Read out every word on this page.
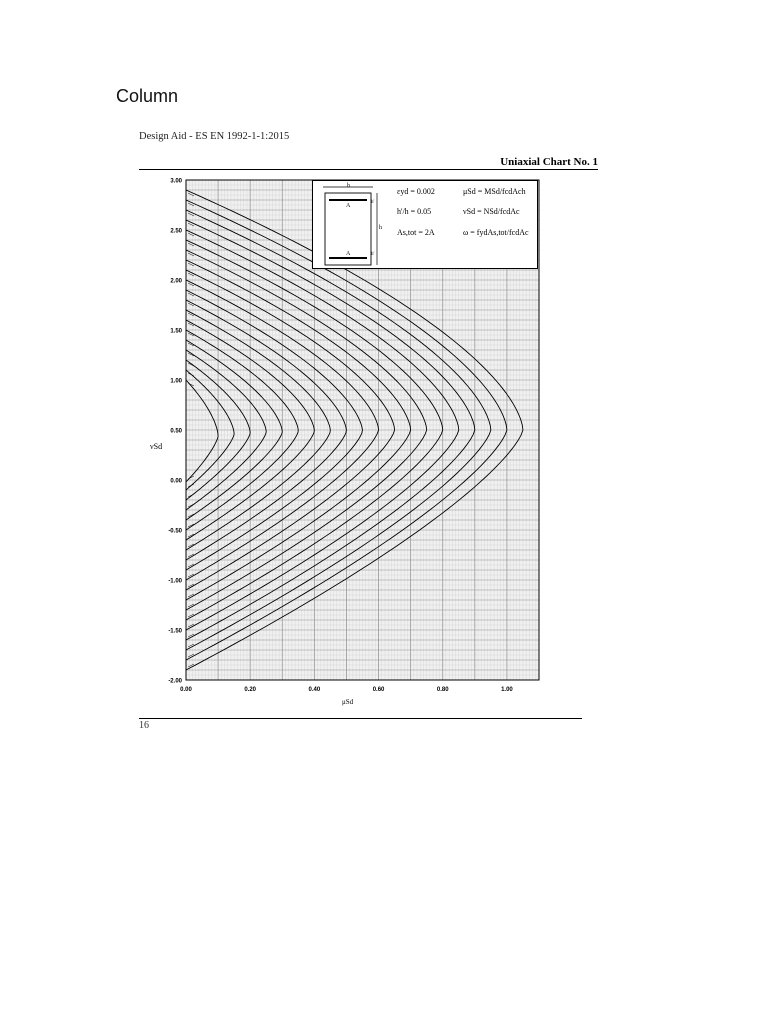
Column
Design Aid - ES EN 1992-1-1:2015
Uniaxial Chart No. 1
3.00
2.50
2.00
1.50
1.00
0.50
0.00
-0.50
-1.00
-1.50
-2.00
0.00	0.20	0.40	0.60	0.80	1.00
νSd
μSd
b
A
A
h
h'
h'
εyd = 0.002
h'/h = 0.05
As,tot = 2A
μSd = MSd/fcdAch
νSd = NSd/fcdAc
ω = fydAs,tot/fcdAc
16
